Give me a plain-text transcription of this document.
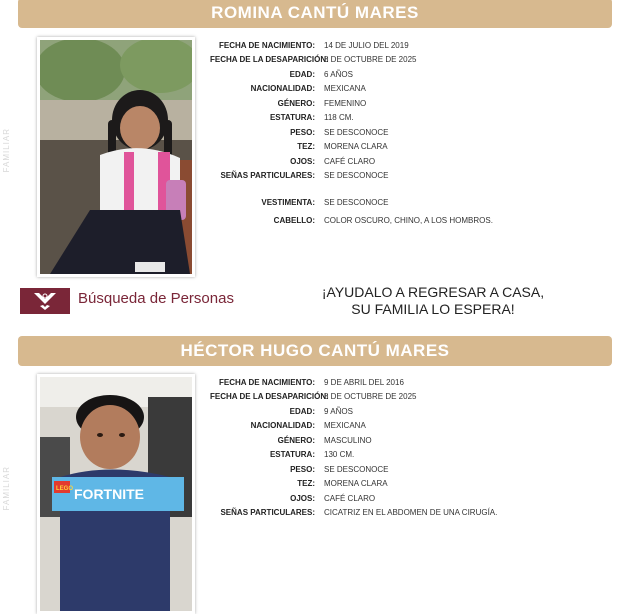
ROMINA CANTÚ MARES
FAMILIAR
FECHA DE NACIMIENTO:	14 DE JULIO DEL 2019
FECHA DE LA DESAPARICIÓN:
8 DE OCTUBRE DE 2025
EDAD:	6 AÑOS
NACIONALIDAD:	MEXICANA
GÉNERO:	FEMENINO
ESTATURA:	118 CM.
PESO:	SE DESCONOCE
TEZ:	MORENA CLARA
OJOS:	CAFÉ CLARO
SEÑAS PARTICULARES:	SE DESCONOCE
VESTIMENTA:	SE DESCONOCE
CABELLO:	COLOR OSCURO, CHINO, A LOS HOMBROS.
Búsqueda de Personas	¡AYUDALO A REGRESAR A CASA,
SU FAMILIA LO ESPERA!
HÉCTOR HUGO CANTÚ MARES
FAMILIAR	LEGO FORTNITE
FECHA DE NACIMIENTO:	9 DE ABRIL DEL 2016
FECHA DE LA DESAPARICIÓN:
8 DE OCTUBRE DE 2025
EDAD:	9 AÑOS
NACIONALIDAD:	MEXICANA
GÉNERO:	MASCULINO
ESTATURA:	130 CM.
PESO:	SE DESCONOCE
TEZ:	MORENA CLARA
OJOS:	CAFÉ CLARO
SEÑAS PARTICULARES:	CICATRIZ EN EL ABDOMEN DE UNA CIRUGÍA.
